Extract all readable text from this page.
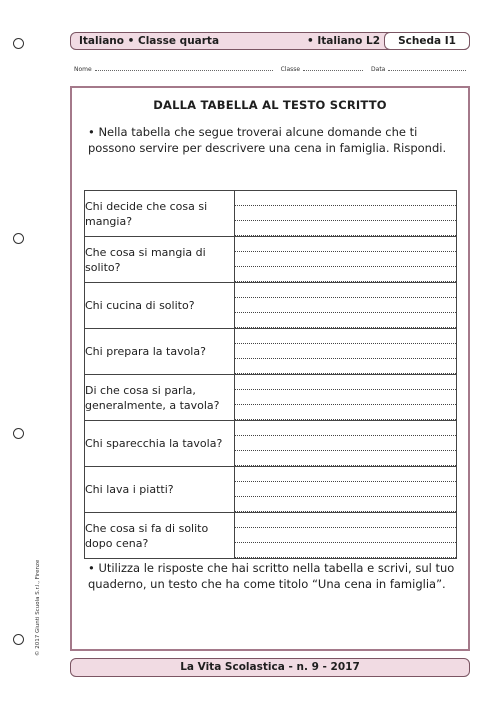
Italiano • Classe quarta	• Italiano L2	Scheda I1
Nome	Classe	Data
DALLA TABELLA AL TESTO SCRITTO
• Nella tabella che segue troverai alcune domande che ti possono servire per descrivere una cena in famiglia. Rispondi.
Chi decide che cosa si mangia?	

Che cosa si mangia di solito?	

Chi cucina di solito?	

Chi prepara la tavola?	

Di che cosa si parla, generalmente, a tavola?	

Chi sparecchia la tavola?	

Chi lava i piatti?	

Che cosa si fa di solito dopo cena?	
• Utilizza le risposte che hai scritto nella tabella e scrivi, sul tuo quaderno, un testo che ha come titolo “Una cena in famiglia”.
© 2017 Giunti Scuola S.r.l., Firenze
La Vita Scolastica - n. 9 - 2017
